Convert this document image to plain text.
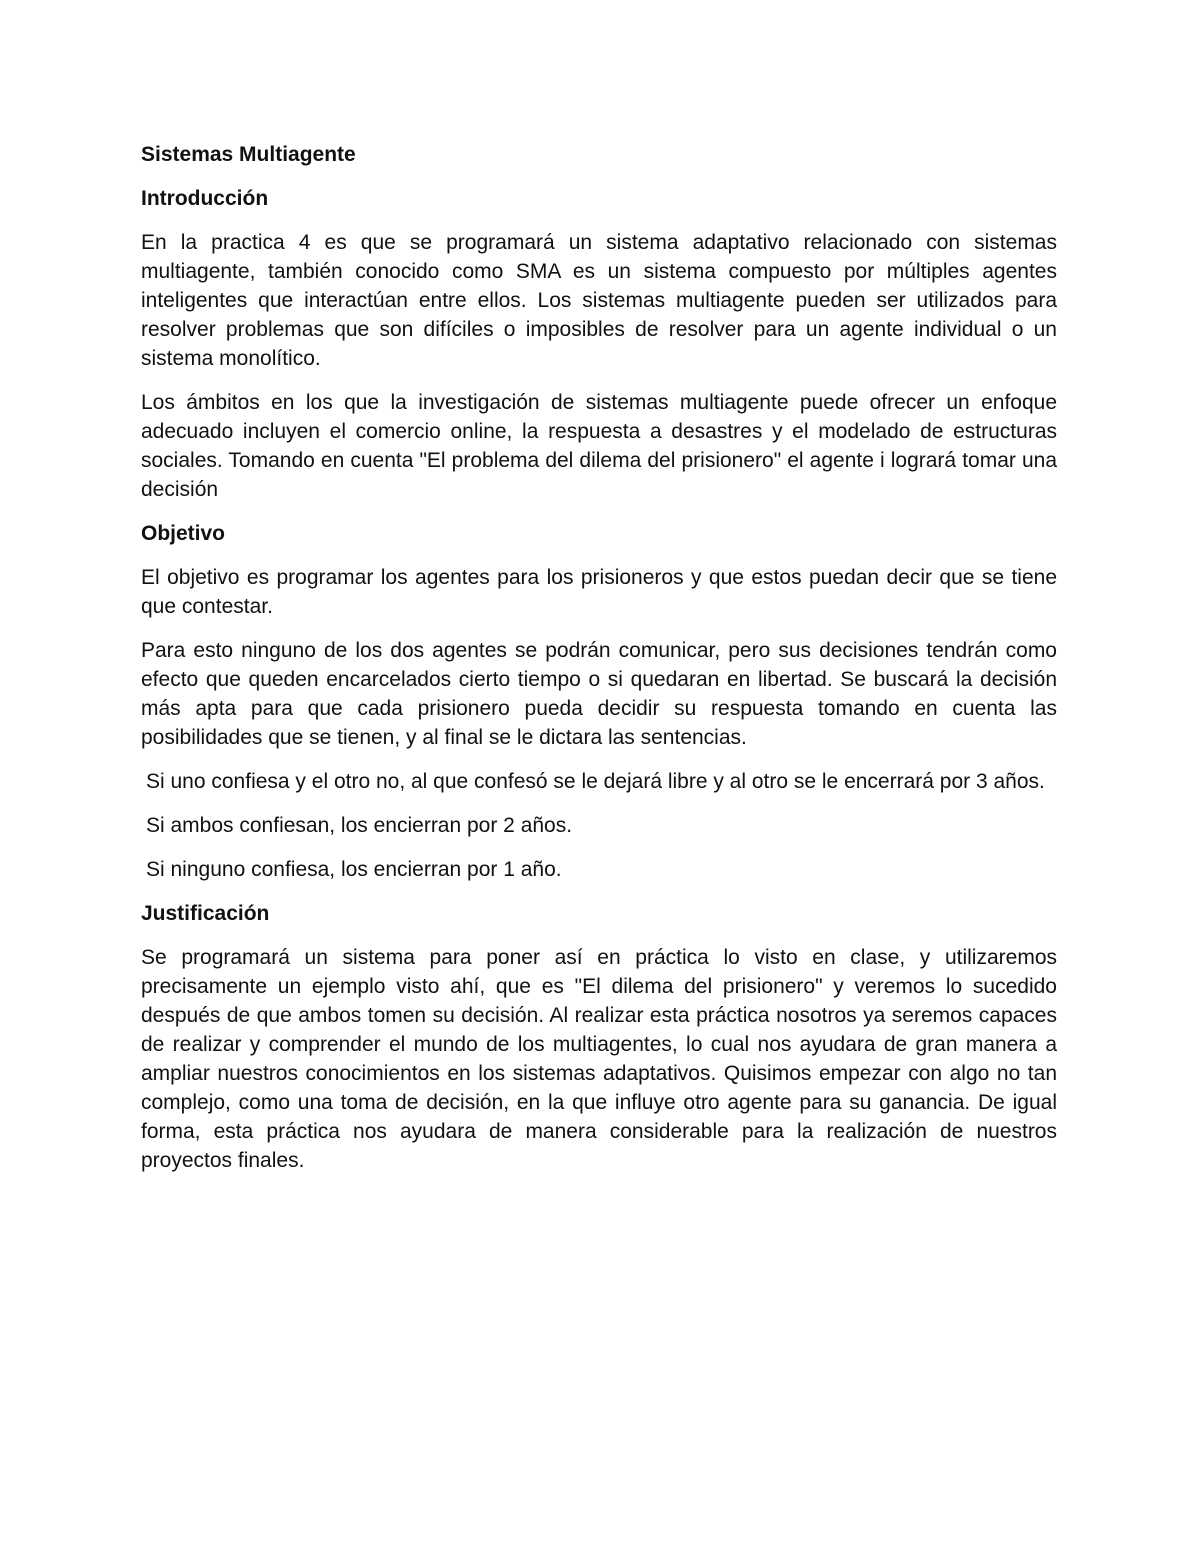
Sistemas Multiagente
Introducción
En la practica 4 es que se programará un sistema adaptativo relacionado con sistemas multiagente, también conocido como SMA es un sistema compuesto por múltiples agentes inteligentes que interactúan entre ellos. Los sistemas multiagente pueden ser utilizados para resolver problemas que son difíciles o imposibles de resolver para un agente individual o un sistema monolítico.
Los ámbitos en los que la investigación de sistemas multiagente puede ofrecer un enfoque adecuado incluyen el comercio online, la respuesta a desastres y el modelado de estructuras sociales. Tomando en cuenta "El problema del dilema del prisionero" el agente i logrará tomar una decisión
Objetivo
El objetivo es programar los agentes para los prisioneros y que estos puedan decir que se tiene que contestar.
Para esto ninguno de los dos agentes se podrán comunicar, pero sus decisiones tendrán como efecto que queden encarcelados cierto tiempo o si quedaran en libertad. Se buscará la decisión más apta para que cada prisionero pueda decidir su respuesta tomando en cuenta las posibilidades que se tienen, y al final se le dictara las sentencias.
Si uno confiesa y el otro no, al que confesó se le dejará libre y al otro se le encerrará por 3 años.
Si ambos confiesan, los encierran por 2 años.
Si ninguno confiesa, los encierran por 1 año.
Justificación
Se programará un sistema para poner así en práctica lo visto en clase, y utilizaremos precisamente un ejemplo visto ahí, que es "El dilema del prisionero" y veremos lo sucedido después de que ambos tomen su decisión. Al realizar esta práctica nosotros ya seremos capaces de realizar y comprender el mundo de los multiagentes, lo cual nos ayudara de gran manera a ampliar nuestros conocimientos en los sistemas adaptativos. Quisimos empezar con algo no tan complejo, como una toma de decisión, en la que influye otro agente para su ganancia. De igual forma, esta práctica nos ayudara de manera considerable para la realización de nuestros proyectos finales.
